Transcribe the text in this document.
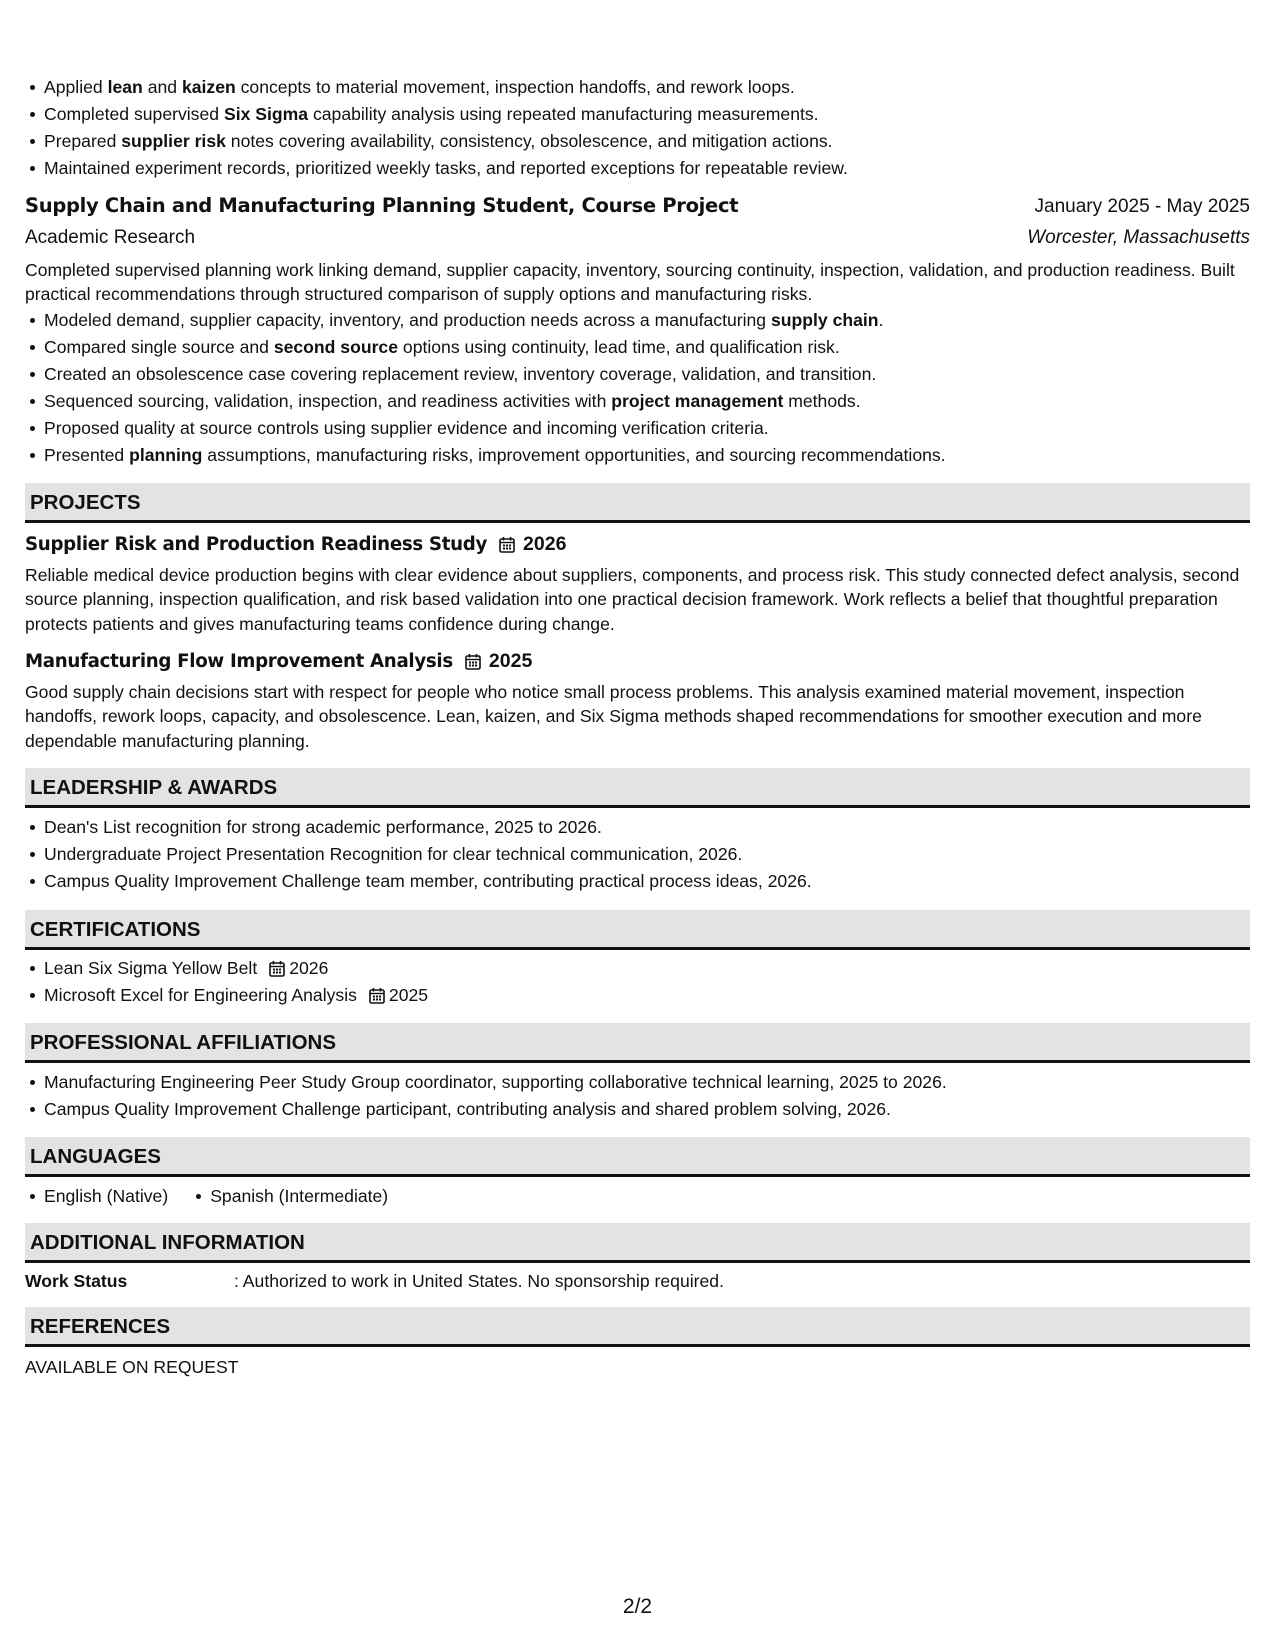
Applied lean and kaizen concepts to material movement, inspection handoffs, and rework loops.
Completed supervised Six Sigma capability analysis using repeated manufacturing measurements.
Prepared supplier risk notes covering availability, consistency, obsolescence, and mitigation actions.
Maintained experiment records, prioritized weekly tasks, and reported exceptions for repeatable review.
Supply Chain and Manufacturing Planning Student, Course Project	January 2025 - May 2025
Academic Research	Worcester, Massachusetts
Completed supervised planning work linking demand, supplier capacity, inventory, sourcing continuity, inspection, validation, and production readiness. Built practical recommendations through structured comparison of supply options and manufacturing risks.
Modeled demand, supplier capacity, inventory, and production needs across a manufacturing supply chain.
Compared single source and second source options using continuity, lead time, and qualification risk.
Created an obsolescence case covering replacement review, inventory coverage, validation, and transition.
Sequenced sourcing, validation, inspection, and readiness activities with project management methods.
Proposed quality at source controls using supplier evidence and incoming verification criteria.
Presented planning assumptions, manufacturing risks, improvement opportunities, and sourcing recommendations.
PROJECTS
Supplier Risk and Production Readiness Study 2026
Reliable medical device production begins with clear evidence about suppliers, components, and process risk. This study connected defect analysis, second source planning, inspection qualification, and risk based validation into one practical decision framework. Work reflects a belief that thoughtful preparation protects patients and gives manufacturing teams confidence during change.
Manufacturing Flow Improvement Analysis 2025
Good supply chain decisions start with respect for people who notice small process problems. This analysis examined material movement, inspection handoffs, rework loops, capacity, and obsolescence. Lean, kaizen, and Six Sigma methods shaped recommendations for smoother execution and more dependable manufacturing planning.
LEADERSHIP & AWARDS
Dean's List recognition for strong academic performance, 2025 to 2026.
Undergraduate Project Presentation Recognition for clear technical communication, 2026.
Campus Quality Improvement Challenge team member, contributing practical process ideas, 2026.
CERTIFICATIONS
Lean Six Sigma Yellow Belt 2026
Microsoft Excel for Engineering Analysis 2025
PROFESSIONAL AFFILIATIONS
Manufacturing Engineering Peer Study Group coordinator, supporting collaborative technical learning, 2025 to 2026.
Campus Quality Improvement Challenge participant, contributing analysis and shared problem solving, 2026.
LANGUAGES
English (Native) Spanish (Intermediate)
ADDITIONAL INFORMATION
Work Status	: Authorized to work in United States. No sponsorship required.
REFERENCES
AVAILABLE ON REQUEST
2/2
